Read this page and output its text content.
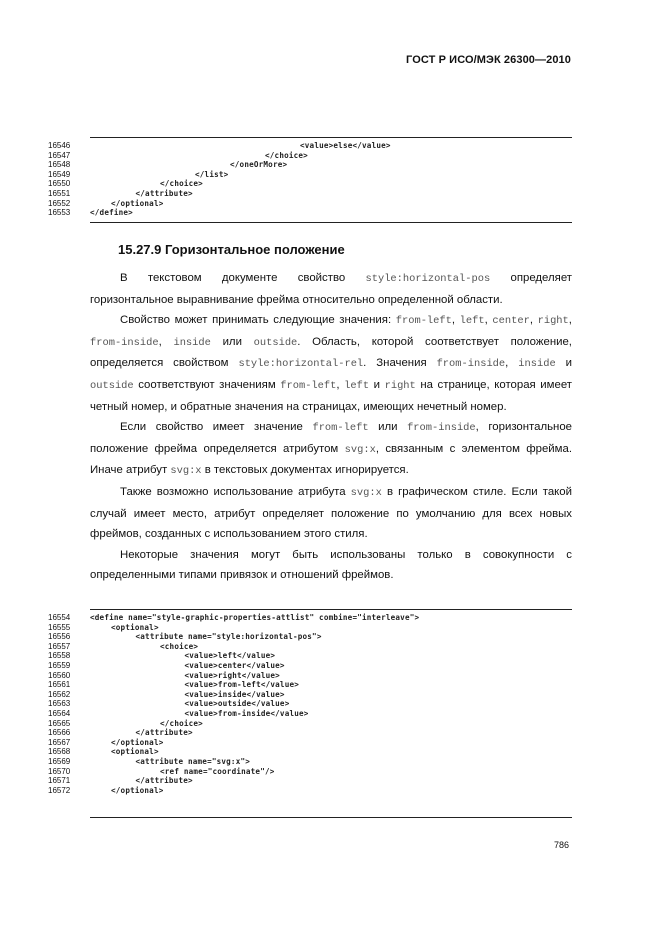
ГОСТ Р ИСО/МЭК 26300—2010
16546	<value>else</value>
16547	</choice>
16548	</oneOrMore>
16549	</list>
16550	</choice>
16551	</attribute>
16552	</optional>
16553	</define>
15.27.9 Горизонтальное положение

В текстовом документе свойство style:horizontal-pos определяет горизонтальное выравнивание фрейма относительно определенной области.

Свойство может принимать следующие значения: from-left, left, center, right, from-inside, inside или outside. Область, которой соответствует положение, определяется свойством style:horizontal-rel. Значения from-inside, inside и outside соответствуют значениям from-left, left и right на странице, которая имеет четный номер, и обратные значения на страницах, имеющих нечетный номер.

Если свойство имеет значение from-left или from-inside, горизонтальное положение фрейма определяется атрибутом svg:x, связанным с элементом фрейма. Иначе атрибут svg:x в текстовых документах игнорируется.

Также возможно использование атрибута svg:x в графическом стиле. Если такой случай имеет место, атрибут определяет положение по умолчанию для всех новых фреймов, созданных с использованием этого стиля.

Некоторые значения могут быть использованы только в совокупности с определенными типами привязок и отношений фреймов.

16554	<define name="style-graphic-properties-attlist" combine="interleave">
16555	<optional>
16556	<attribute name="style:horizontal-pos">
16557	<choice>
16558	<value>left</value>
16559	<value>center</value>
16560	<value>right</value>
16561	<value>from-left</value>
16562	<value>inside</value>
16563	<value>outside</value>
16564	<value>from-inside</value>
16565	</choice>
16566	</attribute>
16567	</optional>
16568	<optional>
16569	<attribute name="svg:x">
16570	<ref name="coordinate"/>
16571	</attribute>
16572	</optional>
786
